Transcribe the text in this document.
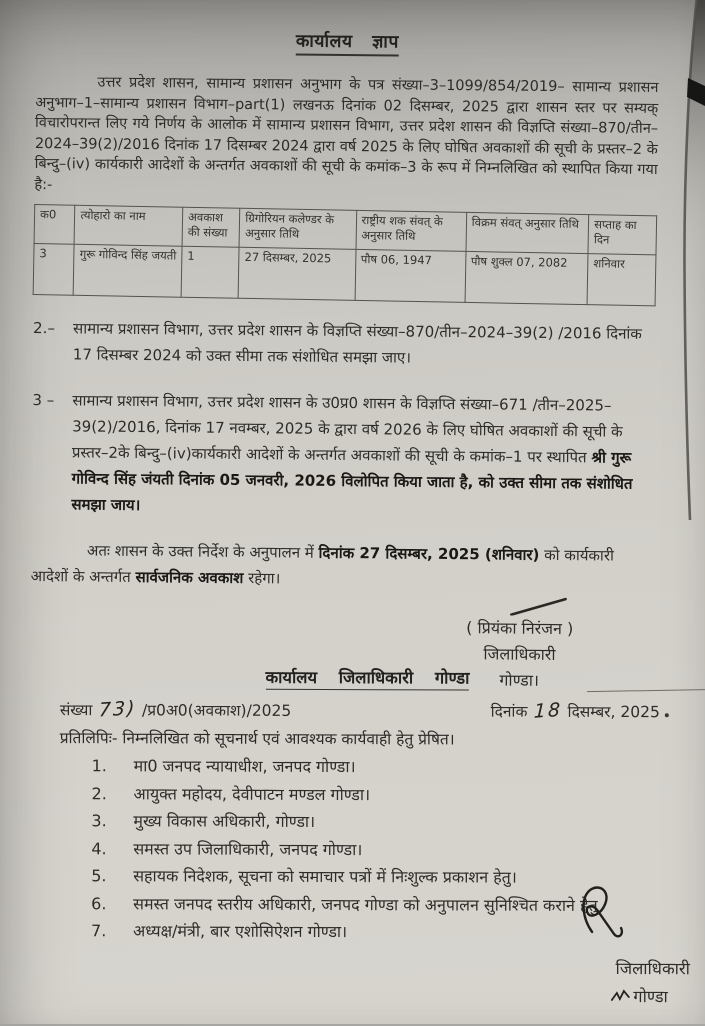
कार्यालय ज्ञाप

उत्तर प्रदेश शासन, सामान्य प्रशासन अनुभाग के पत्र संख्या–3–1099/854/2019– सामान्य प्रशासन अनुभाग–1–सामान्य प्रशासन विभाग–part(1) लखनऊ दिनांक 02 दिसम्बर, 2025 द्वारा शासन स्तर पर सम्यक् विचारोपरान्त लिए गये निर्णय के आलोक में सामान्य प्रशासन विभाग, उत्तर प्रदेश शासन की विज्ञप्ति संख्या–870/तीन–2024–39(2)/2016 दिनांक 17 दिसम्बर 2024 द्वारा वर्ष 2025 के लिए घोषित अवकाशों की सूची के प्रस्तर–2 के बिन्दु–(iv) कार्यकारी आदेशों के अन्तर्गत अवकाशों की सूची के कमांक–3 के रूप में निम्नलिखित को स्थापित किया गया है:-

क0	त्योहारो का नाम	अवकाश की संख्या	ग्रिगोरियन कलेण्डर के अनुसार तिथि	राष्ट्रीय शक संवत् के अनुसार तिथि	विक्रम संवत् अनुसार तिथि	सप्ताह का दिन
3	गुरू गोविन्द सिंह जयती	1	27 दिसम्बर, 2025	पौष 06, 1947	पौष शुक्ल 07, 2082	शनिवार
2.–	सामान्य प्रशासन विभाग, उत्तर प्रदेश शासन के विज्ञप्ति संख्या–870/तीन–2024–39(2) /2016 दिनांक 17 दिसम्बर 2024 को उक्त सीमा तक संशोधित समझा जाए।
3 –	सामान्य प्रशासन विभाग, उत्तर प्रदेश शासन के उ0प्र0 शासन के विज्ञप्ति संख्या–671 /तीन–2025–39(2)/2016, दिनांक 17 नवम्बर, 2025 के द्वारा वर्ष 2026 के लिए घोषित अवकाशों की सूची के प्रस्तर–2के बिन्दु–(iv)कार्यकारी आदेशों के अन्तर्गत अवकाशों की सूची के कमांक–1 पर स्थापित श्री गुरू गोविन्द सिंह जंयती दिनांक 05 जनवरी, 2026 विलोपित किया जाता है, को उक्त सीमा तक संशोधित समझा जाय।

अतः शासन के उक्त निर्देश के अनुपालन में दिनांक 27 दिसम्बर, 2025 (शनिवार) को कार्यकारी आदेशों के अन्तर्गत सार्वजनिक अवकाश रहेगा।

( प्रियंका निरंजन )
जिलाधिकारी
गोण्डा।
कार्यालय जिलाधिकारी गोण्डा
संख्या 73) /प्र0अ0(अवकाश)/2025	दिनांक 18 दिसम्बर, 2025
प्रतिलिपिः- निम्नलिखित को सूचनार्थ एवं आवश्यक कार्यवाही हेतु प्रेषित।
1.	मा0 जनपद न्यायाधीश, जनपद गोण्डा।
2.	आयुक्त महोदय, देवीपाटन मण्डल गोण्डा।
3.	मुख्य विकास अधिकारी, गोण्डा।
4.	समस्त उप जिलाधिकारी, जनपद गोण्डा।
5.	सहायक निदेशक, सूचना को समाचार पत्रों में निःशुल्क प्रकाशन हेतु।
6.	समस्त जनपद स्तरीय अधिकारी, जनपद गोण्डा को अनुपालन सुनिश्चित कराने हेतु
7.	अध्यक्ष/मंत्री, बार एशोसिऐशन गोण्डा।
जिलाधिकारी
गोण्डा
